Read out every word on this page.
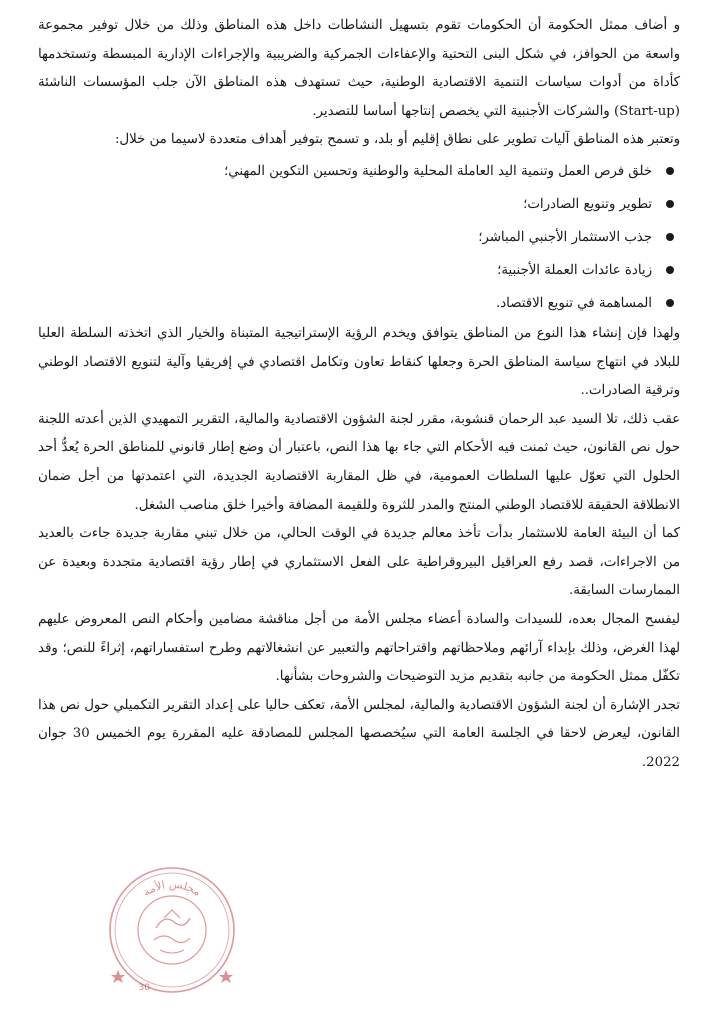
و أضاف ممثل الحكومة أن الحكومات تقوم بتسهيل النشاطات داخل هذه المناطق وذلك من خلال توفير مجموعة واسعة من الحوافز، في شكل البنى التحتية والإعفاءات الجمركية والضريبية والإجراءات الإدارية المبسطة وتستخدمها كأداة من أدوات سياسات التنمية الاقتصادية الوطنية، حيث تستهدف هذه المناطق الآن جلب المؤسسات الناشئة (Start-up) والشركات الأجنبية التي يخصص إنتاجها أساسا للتصدير.

وتعتبر هذه المناطق آليات تطوير على نطاق إقليم أو بلد، و تسمح بتوفير أهداف متعددة لاسيما من خلال:

خلق فرص العمل وتنمية اليد العاملة المحلية والوطنية وتحسين التكوين المهني؛
تطوير وتنويع الصادرات؛
جذب الاستثمار الأجنبي المباشر؛
زيادة عائدات العملة الأجنبية؛
المساهمة في تنويع الاقتصاد.

ولهذا فإن إنشاء هذا النوع من المناطق يتوافق ويخدم الرؤية الإستراتيجية المتبناة والخيار الذي اتخذته السلطة العليا للبلاد في انتهاج سياسة المناطق الحرة وجعلها كنقاط تعاون وتكامل اقتصادي في إفريقيا وآلية لتنويع الاقتصاد الوطني وترقية الصادرات..

عقب ذلك، تلا السيد عبد الرحمان قنشوبة، مقرر لجنة الشؤون الاقتصادية والمالية، التقرير التمهيدي الذين أعدته اللجنة حول نص القانون، حيث ثمنت فيه الأحكام التي جاء بها هذا النص، باعتبار أن وضع إطار قانوني للمناطق الحرة يُعدُّ أحد الحلول التي تعوّل عليها السلطات العمومية، في ظل المقاربة الاقتصادية الجديدة، التي اعتمدتها من أجل ضمان الانطلاقة الحقيقة للاقتصاد الوطني المنتج والمدر للثروة وللقيمة المضافة وأخيرا خلق مناصب الشغل.

كما أن البيئة العامة للاستثمار بدأت تأخذ معالم جديدة في الوقت الحالي، من خلال تبني مقاربة جديدة جاءت بالعديد من الاجراءات، قصد رفع العراقيل البيروقراطية على الفعل الاستثماري في إطار رؤية اقتصادية متجددة وبعيدة عن الممارسات السابقة.

ليفسح المجال بعده، للسيدات والسادة أعضاء مجلس الأمة من أجل مناقشة مضامين وأحكام النص المعروض عليهم لهذا الغرض، وذلك بإبداء آرائهم وملاحظاتهم واقتراحاتهم والتعبير عن انشغالاتهم وطرح استفساراتهم، إثراءً للنص؛ وقد تكفّل ممثل الحكومة من جانبه بتقديم مزيد التوضيحات والشروحات بشأنها.

تجدر الإشارة أن لجنة الشؤون الاقتصادية والمالية، لمجلس الأمة، تعكف حاليا على إعداد التقرير التكميلي حول نص هذا القانون، ليعرض لاحقا في الجلسة العامة التي سيُخصصها المجلس للمصادقة عليه المقررة يوم الخميس 30 جوان 2022.

مجلس الأمة
30
